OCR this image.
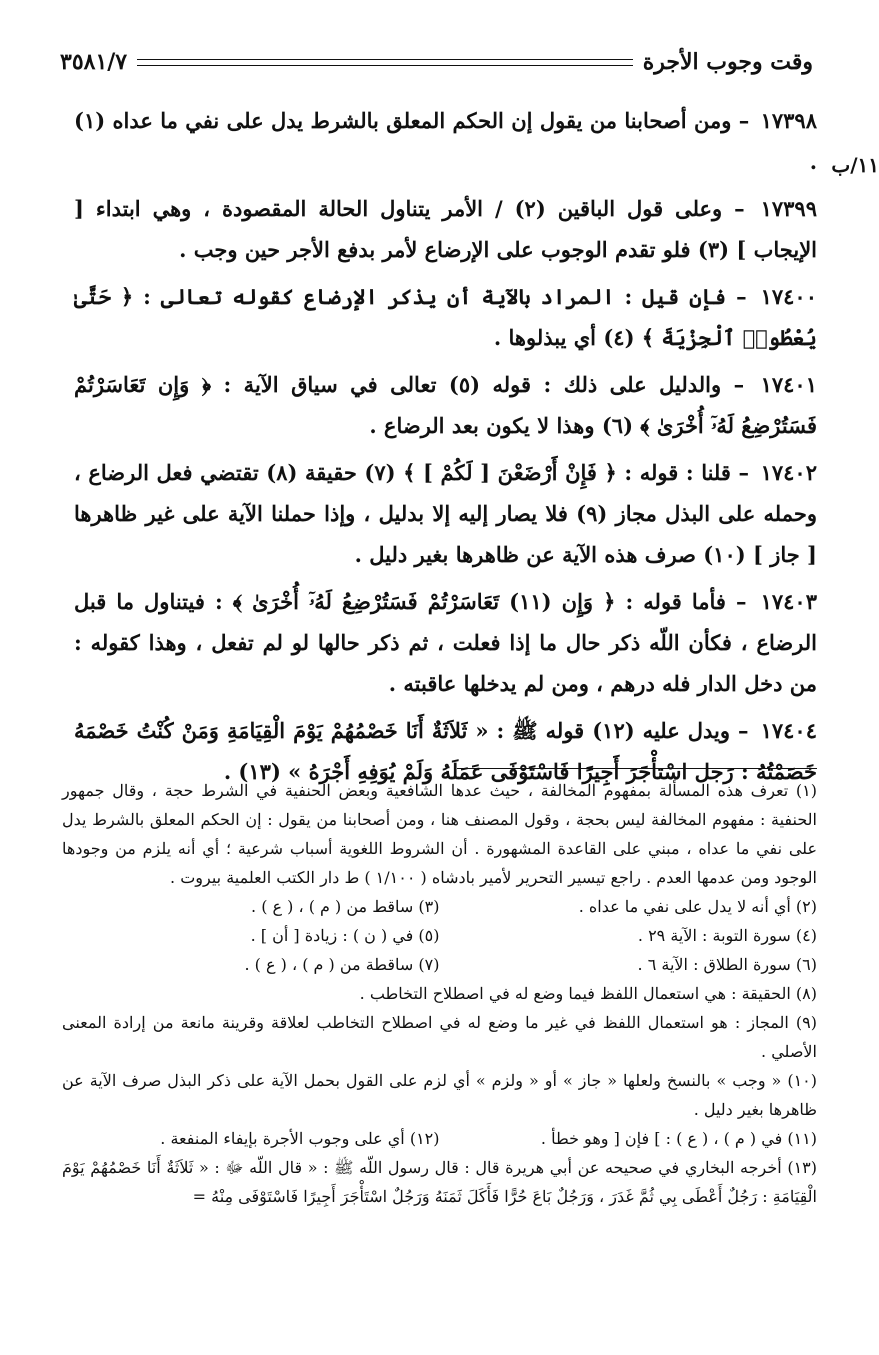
وقت وجوب الأجرة
٣٥٨١/٧
١١/ب

١٧٣٩٨ – ومن أصحابنا من يقول إن الحكم المعلق بالشرط يدل على نفي ما عداه (١) .

١٧٣٩٩ – وعلى قول الباقين (٢) / الأمر يتناول الحالة المقصودة ، وهي ابتداء [ الإيجاب ] (٣) فلو تقدم الوجوب على الإرضاع لأمر بدفع الأجر حين وجب .

١٧٤٠٠ – فإن قيل : المراد بالآية أن يذكر الإرضاع كقوله تعالى : ﴿ حَتَّىٰ يُعْطُوا۟ ٱلْجِزْيَةَ ﴾ (٤) أي يبذلوها .

١٧٤٠١ – والدليل على ذلك : قوله (٥) تعالى في سياق الآية : ﴿ وَإِن تَعَاسَرْتُمْ فَسَتُرْضِعُ لَهُۥٓ أُخْرَىٰ ﴾ (٦) وهذا لا يكون بعد الرضاع .

١٧٤٠٢ – قلنا : قوله : ﴿ فَإِنْ أَرْضَعْنَ [ لَكُمْ ] ﴾ (٧) حقيقة (٨) تقتضي فعل الرضاع ، وحمله على البذل مجاز (٩) فلا يصار إليه إلا بدليل ، وإذا حملنا الآية على غير ظاهرها [ جاز ] (١٠) صرف هذه الآية عن ظاهرها بغير دليل .

١٧٤٠٣ – فأما قوله : ﴿ وَإِن (١١) تَعَاسَرْتُمْ فَسَتُرْضِعُ لَهُۥٓ أُخْرَىٰ ﴾ : فيتناول ما قبل الرضاع ، فكأن اللّه ذكر حال ما إذا فعلت ، ثم ذكر حالها لو لم تفعل ، وهذا كقوله : من دخل الدار فله درهم ، ومن لم يدخلها عاقبته .

١٧٤٠٤ – ويدل عليه (١٢) قوله ﷺ : « ثَلاَثَةٌ أَنَا خَصْمُهُمْ يَوْمَ الْقِيَامَةِ وَمَنْ كُنْتُ خَصْمَهُ خَصَمْتُهُ : رَجل اسْتأْجَرَ أَجِيرًا فَاسْتَوْفَى عَمَلَهُ وَلَمْ يُوَفِهِ أَجْرَهُ » (١٣) .

(١) تعرف هذه المسألة بمفهوم المخالفة ، حيث عدها الشافعية وبعض الحنفية في الشرط حجة ، وقال جمهور الحنفية : مفهوم المخالفة ليس بحجة ، وقول المصنف هنا ، ومن أصحابنا من يقول : إن الحكم المعلق بالشرط يدل على نفي ما عداه ، مبني على القاعدة المشهورة . أن الشروط اللغوية أسباب شرعية ؛ أي أنه يلزم من وجودها الوجود ومن عدمها العدم . راجع تيسير التحرير لأمير بادشاه ( ١/١٠٠ ) ط دار الكتب العلمية بيروت .

(٢) أي أنه لا يدل على نفي ما عداه .
(٣) ساقط من ( م ) ، ( ع ) .
(٤) سورة التوبة : الآية ٢٩ .
(٥) في ( ن ) : زيادة [ أن ] .
(٦) سورة الطلاق : الآية ٦ .
(٧) ساقطة من ( م ) ، ( ع ) .

(٨) الحقيقة : هي استعمال اللفظ فيما وضع له في اصطلاح التخاطب .

(٩) المجاز : هو استعمال اللفظ في غير ما وضع له في اصطلاح التخاطب لعلاقة وقرينة مانعة من إرادة المعنى الأصلي .

(١٠) « وجب » بالنسخ ولعلها « جاز » أو « ولزم » أي لزم على القول بحمل الآية على ذكر البذل صرف الآية عن ظاهرها بغير دليل .

(١١) في ( م ) ، ( ع ) : ] فإن [ وهو خطأ .
(١٢) أي على وجوب الأجرة بإيفاء المنفعة .

(١٣) أخرجه البخاري في صحيحه عن أبي هريرة قال : قال رسول اللّه ﷺ : « قال اللّه ﷻ : « ثَلاَثَةٌ أَنَا خَصْمُهُمْ يَوْمَ الْقِيَامَةِ : رَجُلٌ أَعْطَى بِي ثُمَّ غَدَرَ ، وَرَجُلٌ بَاعَ حُرًّا فَأَكَلَ ثَمَنَهُ وَرَجُلٌ اسْتَأْجَرَ أَجِيرًا فَاسْتَوْفَى مِنْهُ =
